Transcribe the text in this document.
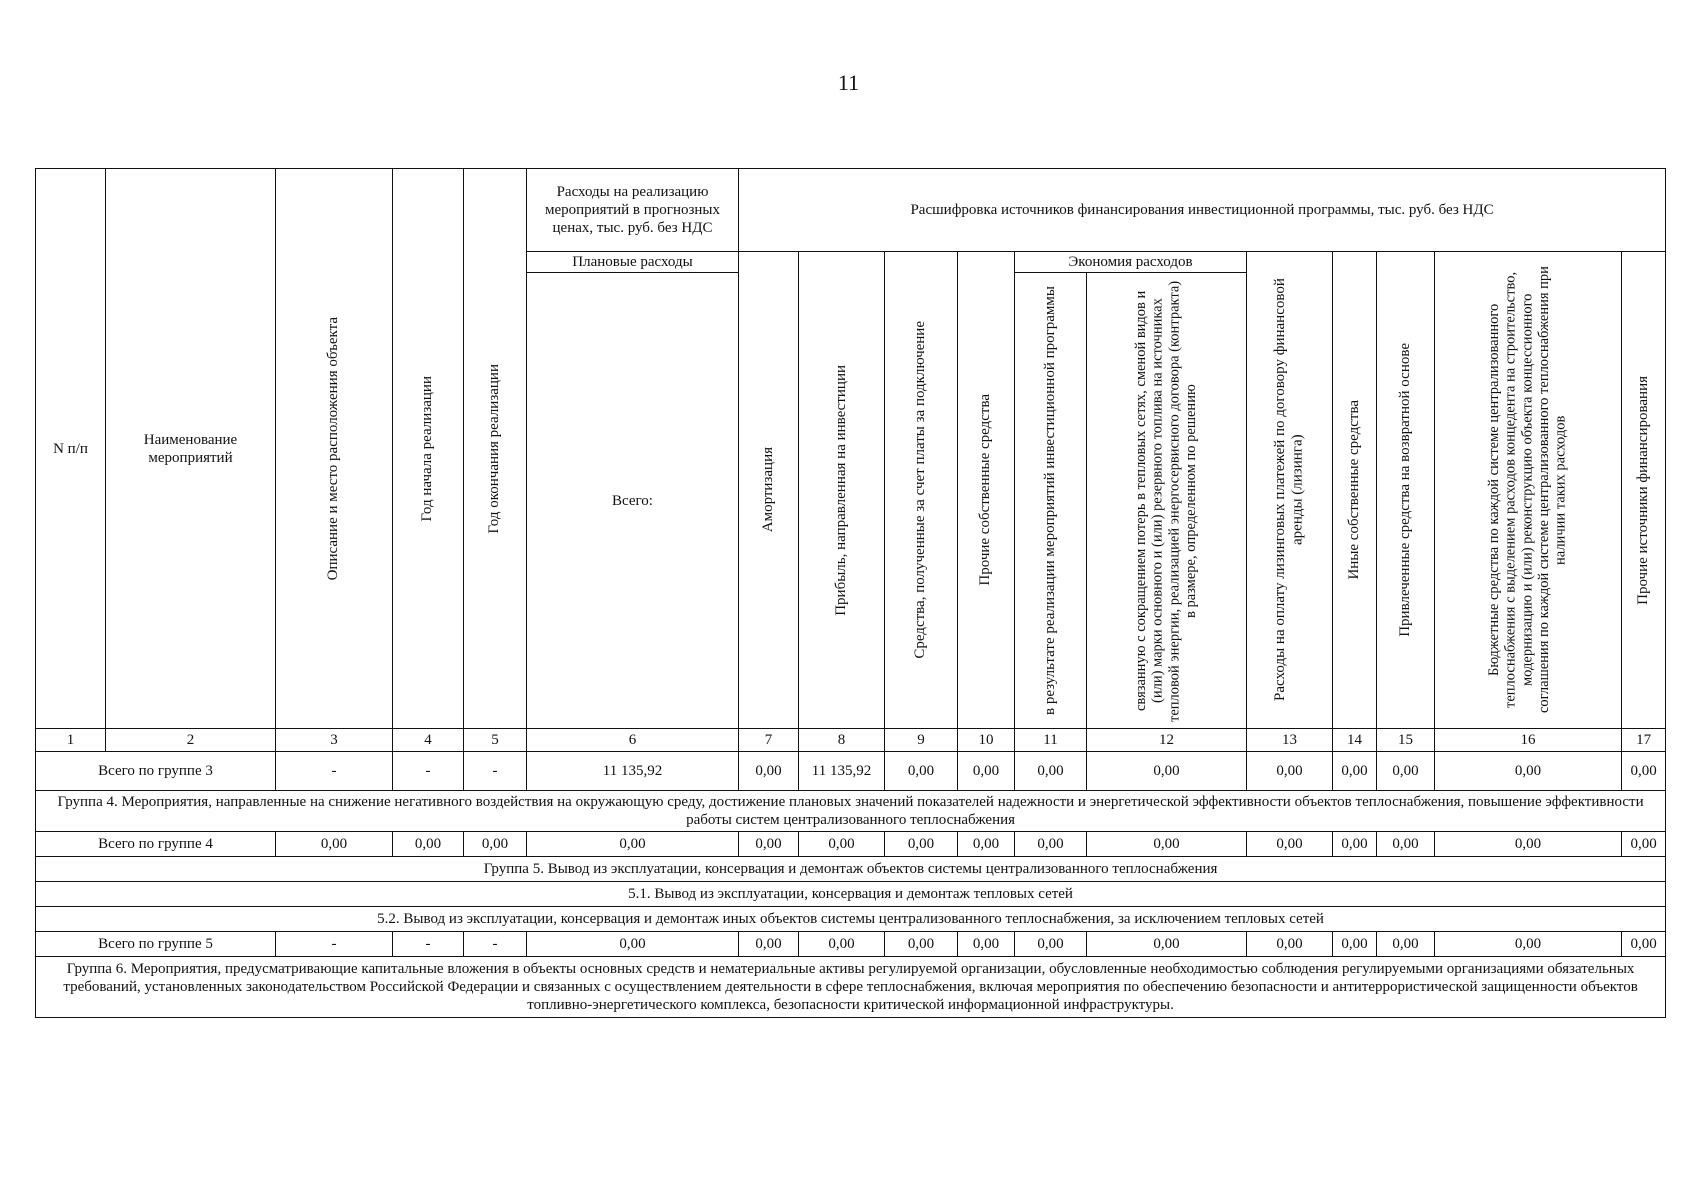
11
N п/п	Наименование мероприятий	Описание и место расположения объекта	Год начала реализации	Год окончания реализации	Расходы на реализацию мероприятий в прогнозных ценах, тыс. руб. без НДС	Расшифровка источников финансирования инвестиционной программы, тыс. руб. без НДС										
					Плановые расходы	Амортизация	Прибыль, направленная на инвестиции	Средства, полученные за счет платы за подключение	Прочие собственные средства	Экономия расходов		Расходы на оплату лизинговых платежей по договору финансовой аренды (лизинга)	Иные собственные средства	Привлеченные средства на возвратной основе	Бюджетные средства по каждой системе централизованного теплоснабжения с выделением расходов концедента на строительство, модернизацию и (или) реконструкцию объекта концессионного соглашения по каждой системе централизованного теплоснабжения при наличии таких расходов	Прочие источники финансирования

					Всего:					в результате реализации мероприятий инвестиционной программы	связанную с сокращением потерь в тепловых сетях, сменой видов и (или) марки основного и (или) резервного топлива на источниках тепловой энергии, реализацией энергосервисного договора (контракта) в размере, определенном по решению					

1	2	3	4	5	6	7	8	9	10	11	12	13	14	15	16	17
Всего по группе 3		-	-	-	11 135,92	0,00	11 135,92	0,00	0,00	0,00	0,00	0,00	0,00	0,00	0,00	0,00
Группа 4. Мероприятия, направленные на снижение негативного воздействия на окружающую среду, достижение плановых значений показателей надежности и энергетической эффективности объектов теплоснабжения, повышение эффективности работы систем централизованного теплоснабжения																
Всего по группе 4		0,00	0,00	0,00	0,00	0,00	0,00	0,00	0,00	0,00	0,00	0,00	0,00	0,00	0,00	0,00
Группа 5. Вывод из эксплуатации, консервация и демонтаж объектов системы централизованного теплоснабжения																
5.1. Вывод из эксплуатации, консервация и демонтаж тепловых сетей																
5.2. Вывод из эксплуатации, консервация и демонтаж иных объектов системы централизованного теплоснабжения, за исключением тепловых сетей																
Всего по группе 5		-	-	-	0,00	0,00	0,00	0,00	0,00	0,00	0,00	0,00	0,00	0,00	0,00	0,00
Группа 6. Мероприятия, предусматривающие капитальные вложения в объекты основных средств и нематериальные активы регулируемой организации, обусловленные необходимостью соблюдения регулируемыми организациями обязательных требований, установленных законодательством Российской Федерации и связанных с осуществлением деятельности в сфере теплоснабжения, включая мероприятия по обеспечению безопасности и антитеррористической защищенности объектов топливно-энергетического комплекса, безопасности критической информационной инфраструктуры.																
